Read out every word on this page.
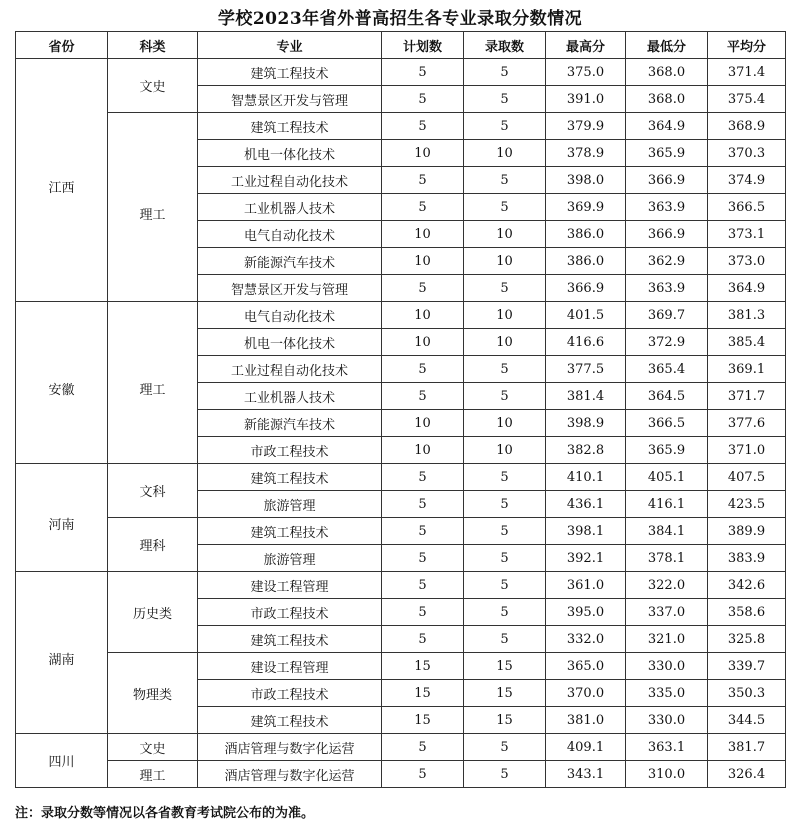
学校2023年省外普高招生各专业录取分数情况
省份	科类	专业	计划数	录取数	最高分	最低分	平均分
江西	文史	建筑工程技术	5	5	375.0	368.0	371.4
		智慧景区开发与管理	5	5	391.0	368.0	375.4
	理工	建筑工程技术	5	5	379.9	364.9	368.9
		机电一体化技术	10	10	378.9	365.9	370.3
		工业过程自动化技术	5	5	398.0	366.9	374.9
		工业机器人技术	5	5	369.9	363.9	366.5
		电气自动化技术	10	10	386.0	366.9	373.1
		新能源汽车技术	10	10	386.0	362.9	373.0
		智慧景区开发与管理	5	5	366.9	363.9	364.9
安徽	理工	电气自动化技术	10	10	401.5	369.7	381.3
		机电一体化技术	10	10	416.6	372.9	385.4
		工业过程自动化技术	5	5	377.5	365.4	369.1
		工业机器人技术	5	5	381.4	364.5	371.7
		新能源汽车技术	10	10	398.9	366.5	377.6
		市政工程技术	10	10	382.8	365.9	371.0
河南	文科	建筑工程技术	5	5	410.1	405.1	407.5
		旅游管理	5	5	436.1	416.1	423.5
	理科	建筑工程技术	5	5	398.1	384.1	389.9
		旅游管理	5	5	392.1	378.1	383.9
湖南	历史类	建设工程管理	5	5	361.0	322.0	342.6
		市政工程技术	5	5	395.0	337.0	358.6
		建筑工程技术	5	5	332.0	321.0	325.8
	物理类	建设工程管理	15	15	365.0	330.0	339.7
		市政工程技术	15	15	370.0	335.0	350.3
		建筑工程技术	15	15	381.0	330.0	344.5
四川	文史	酒店管理与数字化运营	5	5	409.1	363.1	381.7
	理工	酒店管理与数字化运营	5	5	343.1	310.0	326.4
注：录取分数等情况以各省教育考试院公布的为准。
